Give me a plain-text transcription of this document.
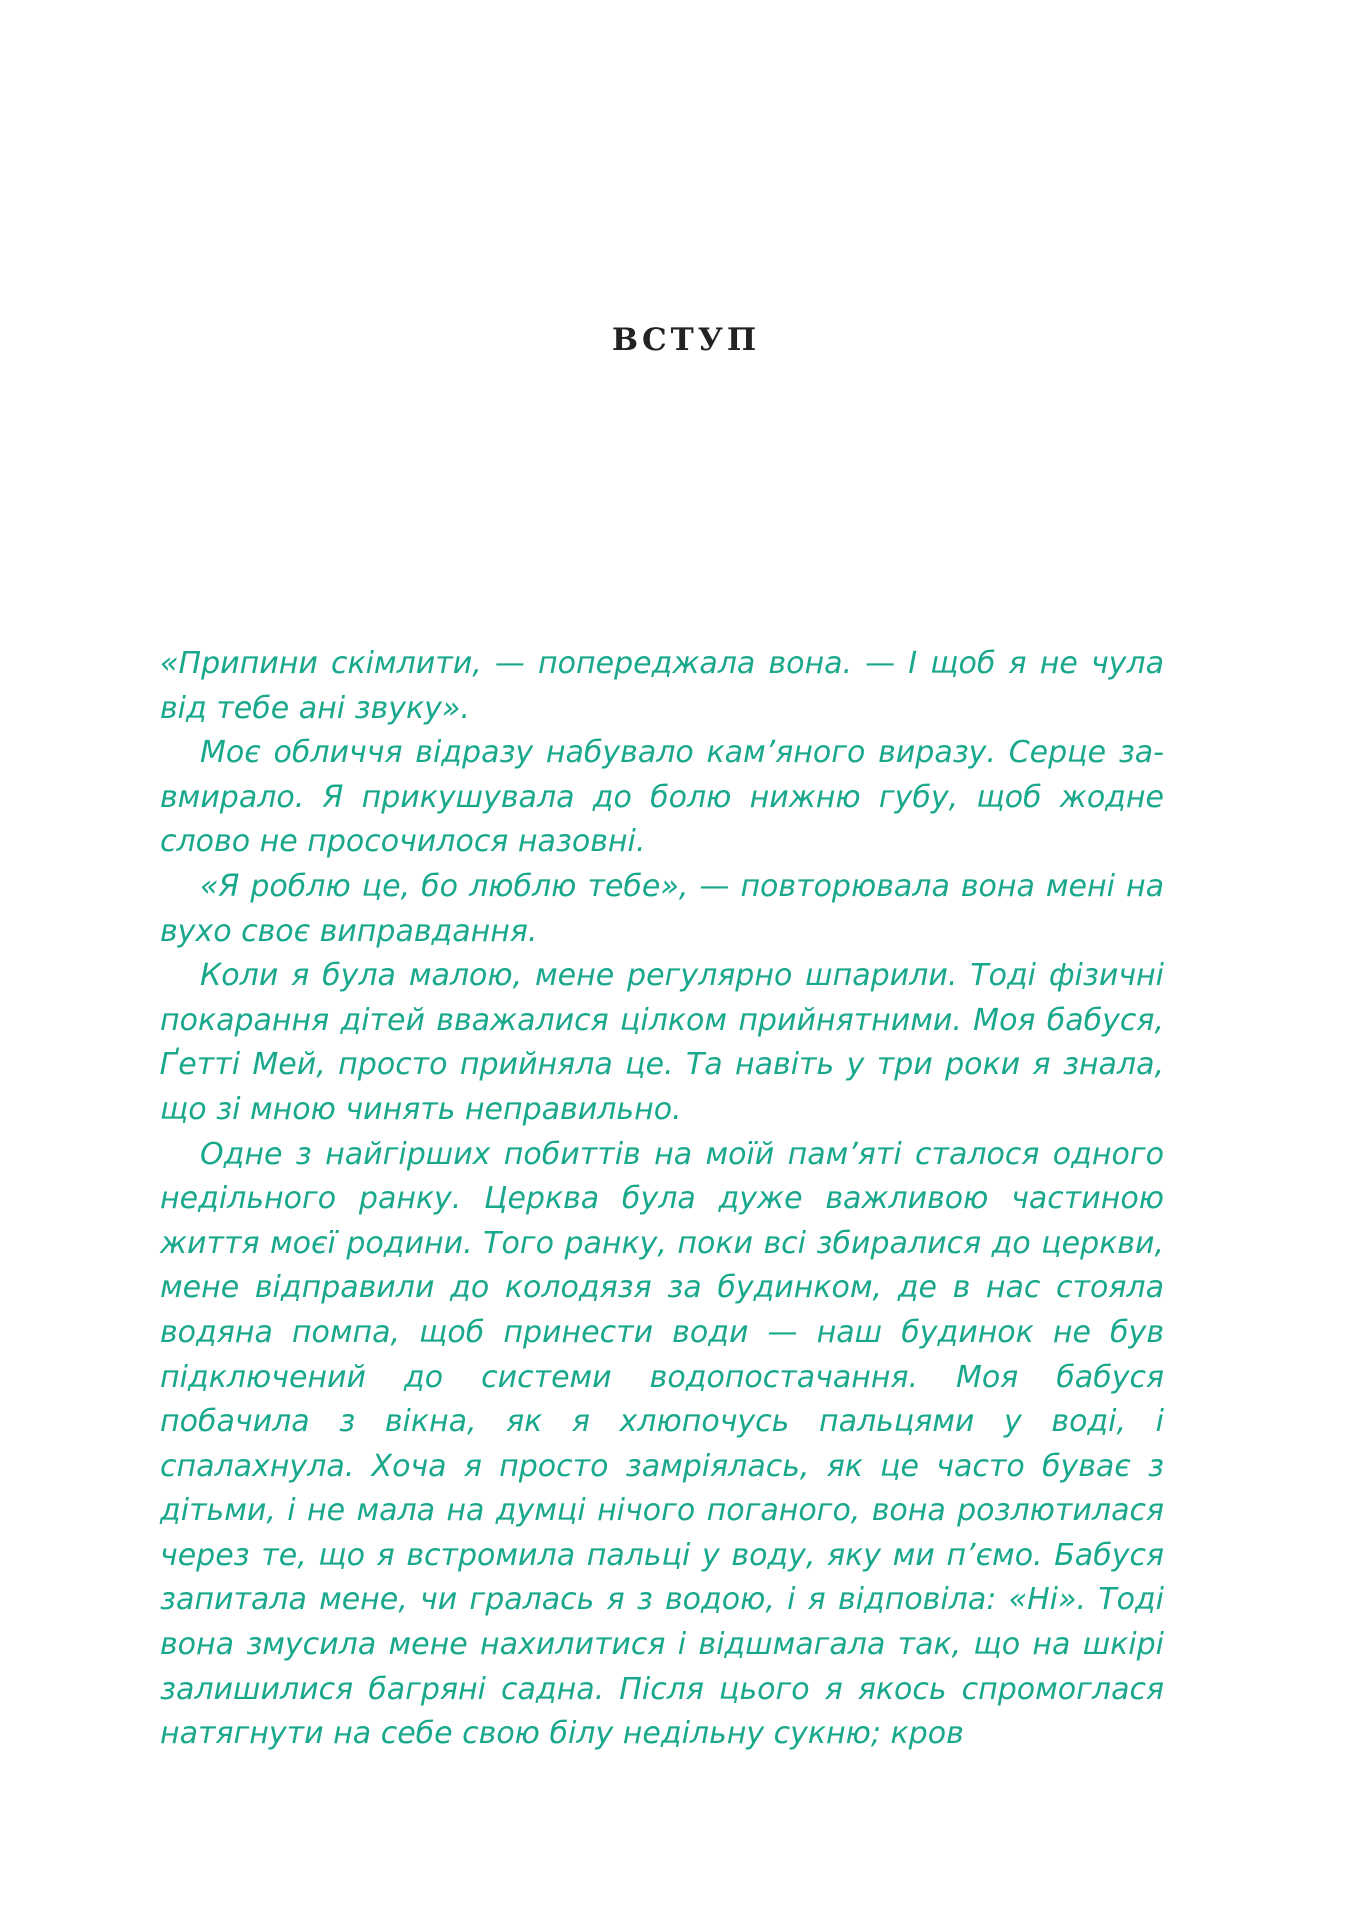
ВСТУП

«Припини скімлити, — попереджала вона. — І щоб я не чула від тебе ані звуку».

Моє обличчя відразу набувало кам’яного виразу. Серце завмирало. Я прикушувала до болю нижню губу, щоб жодне слово не просочилося назовні.

«Я роблю це, бо люблю тебе», — повторювала вона мені на вухо своє виправдання.

Коли я була малою, мене регулярно шпарили. Тоді фізичні покарання дітей вважалися цілком прийнятними. Моя бабуся, Ґетті Мей, просто прийняла це. Та навіть у три роки я знала, що зі мною чинять неправильно.

Одне з найгірших побиттів на моїй пам’яті сталося одного недільного ранку. Церква була дуже важливою частиною життя моєї родини. Того ранку, поки всі збиралися до церкви, мене відправили до колодязя за будинком, де в нас стояла водяна помпа, щоб принести води — наш будинок не був підключений до системи водопостачання. Моя бабуся побачила з вікна, як я хлюпочусь пальцями у воді, і спалахнула. Хоча я просто замріялась, як це часто буває з дітьми, і не мала на думці нічого поганого, вона розлютилася через те, що я встромила пальці у воду, яку ми п’ємо. Бабуся запитала мене, чи гралась я з водою, і я відповіла: «Ні». Тоді вона змусила мене нахилитися і відшмагала так, що на шкірі залишилися багряні садна. Після цього я якось спромоглася натягнути на себе свою білу недільну сукню; кров
